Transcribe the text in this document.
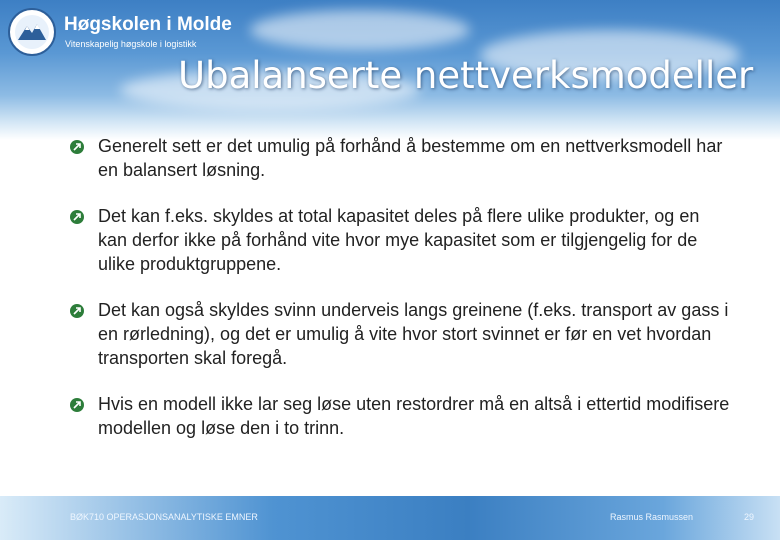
Høgskolen i Molde
Vitenskapelig høgskole i logistikk
Ubalanserte nettverksmodeller
Generelt sett er det umulig på forhånd å bestemme om en nettverksmodell har en balansert løsning.
Det kan f.eks. skyldes at total kapasitet deles på flere ulike produkter, og en kan derfor ikke på forhånd vite hvor mye kapasitet som er tilgjengelig for de ulike produktgruppene.
Det kan også skyldes svinn underveis langs greinene (f.eks. transport av gass i en rørledning), og det er umulig å vite hvor stort svinnet er før en vet hvordan transporten skal foregå.
Hvis en modell ikke lar seg løse uten restordrer må en altså i ettertid modifisere modellen og løse den i to trinn.
BØK710 OPERASJONSANALYTISKE EMNER	Rasmus Rasmussen	29
